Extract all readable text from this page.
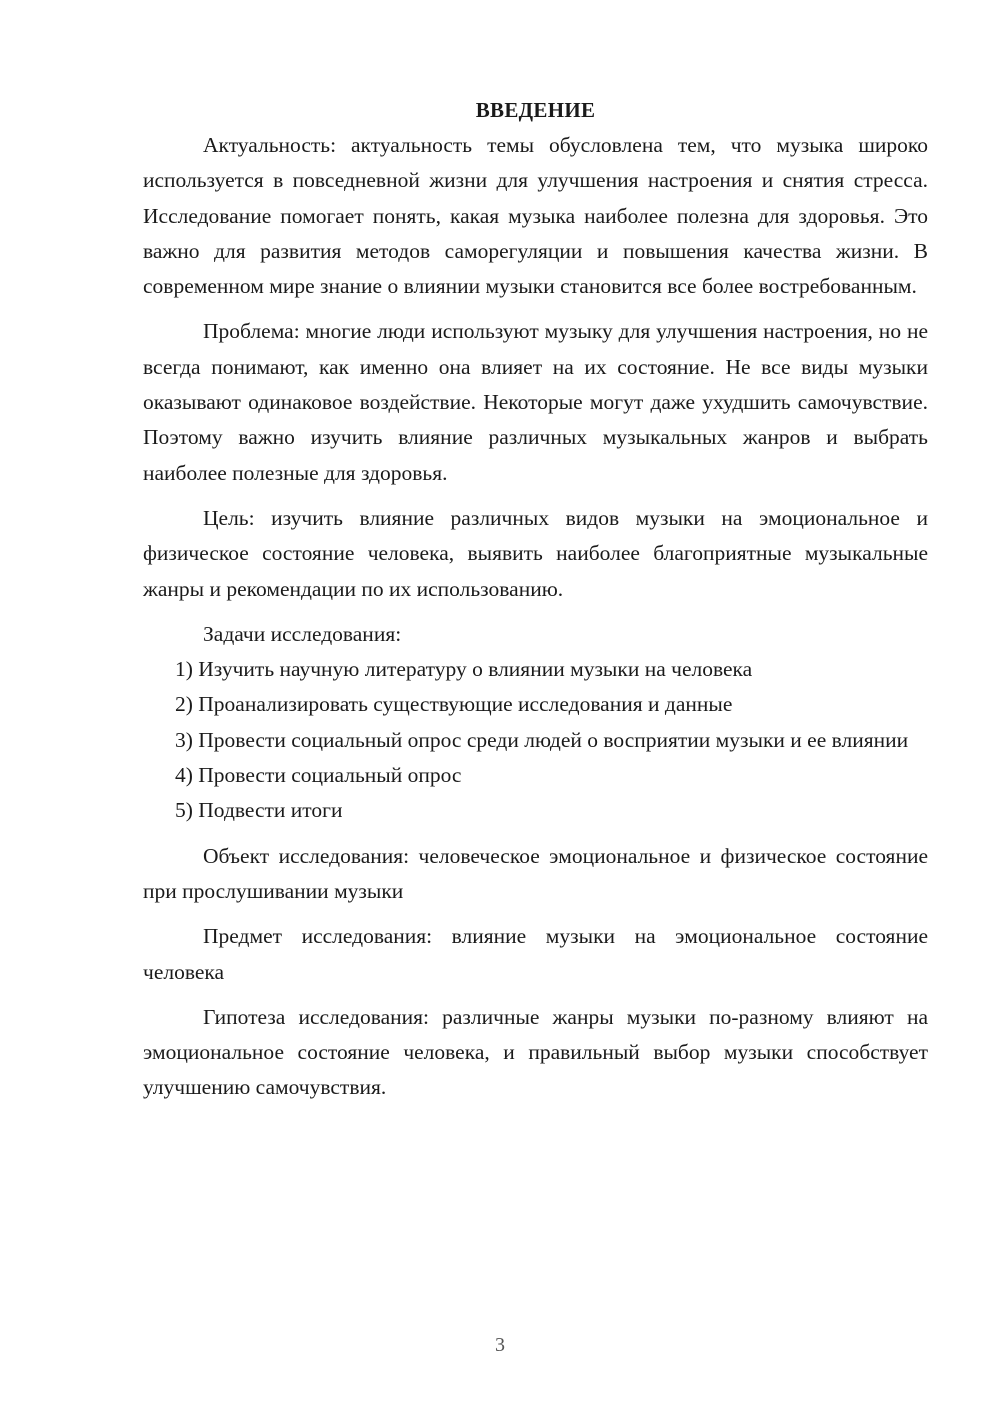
ВВЕДЕНИЕ

Актуальность: актуальность темы обусловлена тем, что музыка широко используется в повседневной жизни для улучшения настроения и снятия стресса. Исследование помогает понять, какая музыка наиболее полезна для здоровья. Это важно для развития методов саморегуляции и повышения качества жизни. В современном мире знание о влиянии музыки становится все более востребованным.

Проблема: многие люди используют музыку для улучшения настроения, но не всегда понимают, как именно она влияет на их состояние. Не все виды музыки оказывают одинаковое воздействие. Некоторые могут даже ухудшить самочувствие. Поэтому важно изучить влияние различных музыкальных жанров и выбрать наиболее полезные для здоровья.

Цель: изучить влияние различных видов музыки на эмоциональное и физическое состояние человека, выявить наиболее благоприятные музыкальные жанры и рекомендации по их использованию.

Задачи исследования:

1) Изучить научную литературу о влиянии музыки на человека

2) Проанализировать существующие исследования и данные

3) Провести социальный опрос среди людей о восприятии музыки и ее влиянии

4) Провести социальный опрос

5) Подвести итоги

Объект исследования: человеческое эмоциональное и физическое состояние при прослушивании музыки

Предмет исследования: влияние музыки на эмоциональное состояние человека

Гипотеза исследования: различные жанры музыки по-разному влияют на эмоциональное состояние человека, и правильный выбор музыки способствует улучшению самочувствия.

3
